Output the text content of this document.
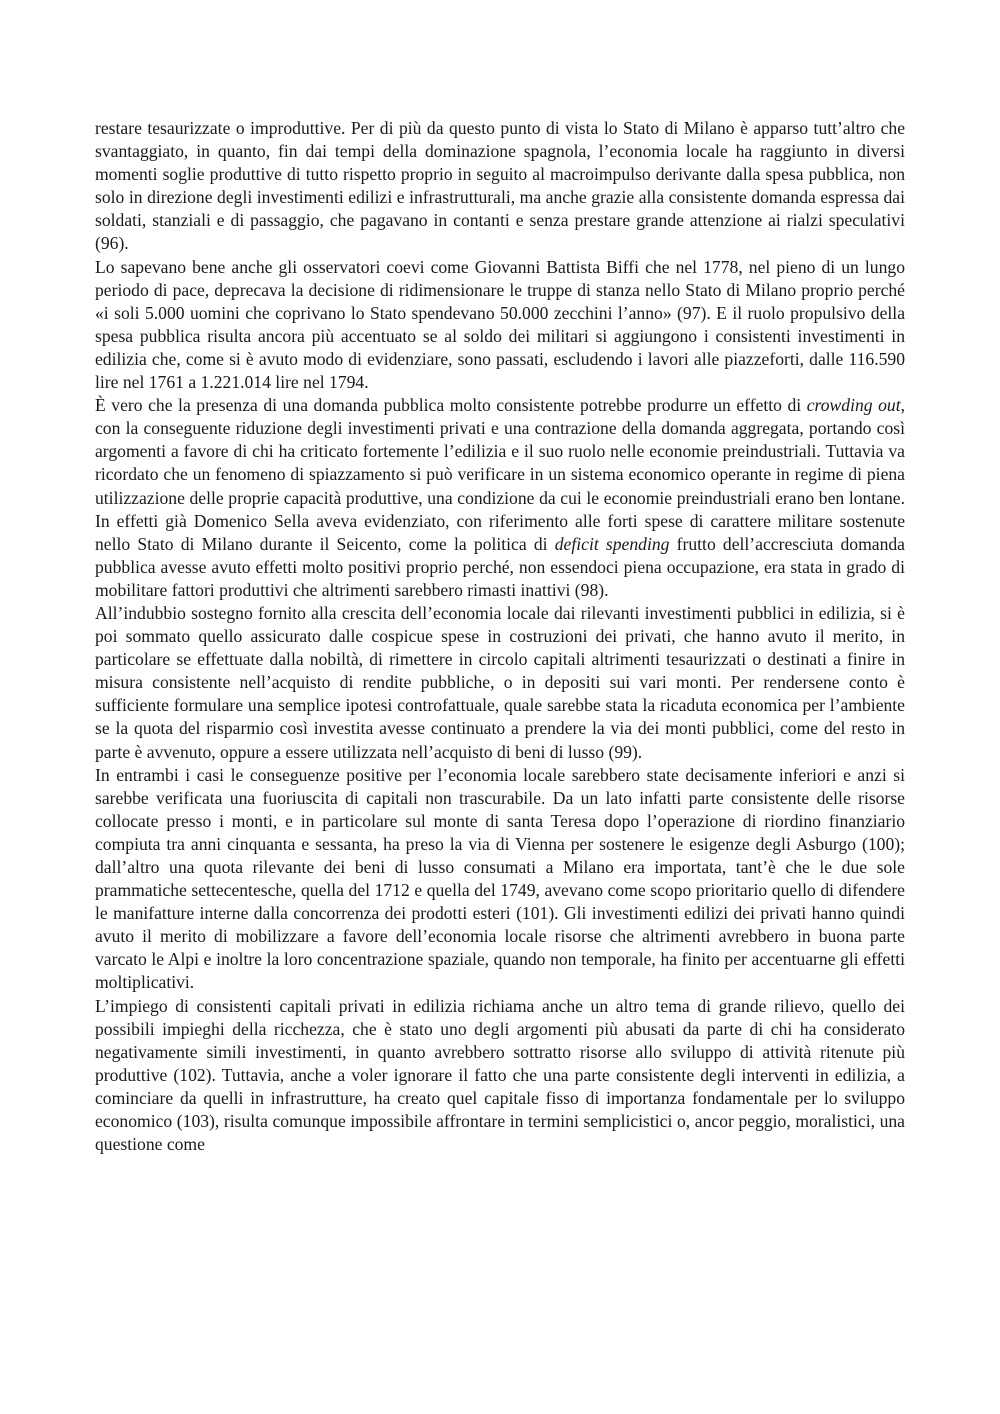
restare tesaurizzate o improduttive. Per di più da questo punto di vista lo Stato di Milano è apparso tutt’altro che svantaggiato, in quanto, fin dai tempi della dominazione spagnola, l’economia locale ha raggiunto in diversi momenti soglie produttive di tutto rispetto proprio in seguito al macroimpulso derivante dalla spesa pubblica, non solo in direzione degli investimenti edilizi e infrastrutturali, ma anche grazie alla consistente domanda espressa dai soldati, stanziali e di passaggio, che pagavano in contanti e senza prestare grande attenzione ai rialzi speculativi (96).

Lo sapevano bene anche gli osservatori coevi come Giovanni Battista Biffi che nel 1778, nel pieno di un lungo periodo di pace, deprecava la decisione di ridimensionare le truppe di stanza nello Stato di Milano proprio perché «i soli 5.000 uomini che coprivano lo Stato spendevano 50.000 zecchini l’anno» (97). E il ruolo propulsivo della spesa pubblica risulta ancora più accentuato se al soldo dei militari si aggiungono i consistenti investimenti in edilizia che, come si è avuto modo di evidenziare, sono passati, escludendo i lavori alle piazzeforti, dalle 116.590 lire nel 1761 a 1.221.014 lire nel 1794.

È vero che la presenza di una domanda pubblica molto consistente potrebbe produrre un effetto di crowding out, con la conseguente riduzione degli investimenti privati e una contrazione della domanda aggregata, portando così argomenti a favore di chi ha criticato fortemente l’edilizia e il suo ruolo nelle economie preindustriali. Tuttavia va ricordato che un fenomeno di spiazzamento si può verificare in un sistema economico operante in regime di piena utilizzazione delle proprie capacità produttive, una condizione da cui le economie preindustriali erano ben lontane. In effetti già Domenico Sella aveva evidenziato, con riferimento alle forti spese di carattere militare sostenute nello Stato di Milano durante il Seicento, come la politica di deficit spending frutto dell’accresciuta domanda pubblica avesse avuto effetti molto positivi proprio perché, non essendoci piena occupazione, era stata in grado di mobilitare fattori produttivi che altrimenti sarebbero rimasti inattivi (98).

All’indubbio sostegno fornito alla crescita dell’economia locale dai rilevanti investimenti pubblici in edilizia, si è poi sommato quello assicurato dalle cospicue spese in costruzioni dei privati, che hanno avuto il merito, in particolare se effettuate dalla nobiltà, di rimettere in circolo capitali altrimenti tesaurizzati o destinati a finire in misura consistente nell’acquisto di rendite pubbliche, o in depositi sui vari monti. Per rendersene conto è sufficiente formulare una semplice ipotesi controfattuale, quale sarebbe stata la ricaduta economica per l’ambiente se la quota del risparmio così investita avesse continuato a prendere la via dei monti pubblici, come del resto in parte è avvenuto, oppure a essere utilizzata nell’acquisto di beni di lusso (99).

In entrambi i casi le conseguenze positive per l’economia locale sarebbero state decisamente inferiori e anzi si sarebbe verificata una fuoriuscita di capitali non trascurabile. Da un lato infatti parte consistente delle risorse collocate presso i monti, e in particolare sul monte di santa Teresa dopo l’operazione di riordino finanziario compiuta tra anni cinquanta e sessanta, ha preso la via di Vienna per sostenere le esigenze degli Asburgo (100); dall’altro una quota rilevante dei beni di lusso consumati a Milano era importata, tant’è che le due sole prammatiche settecentesche, quella del 1712 e quella del 1749, avevano come scopo prioritario quello di difendere le manifatture interne dalla concorrenza dei prodotti esteri (101). Gli investimenti edilizi dei privati hanno quindi avuto il merito di mobilizzare a favore dell’economia locale risorse che altrimenti avrebbero in buona parte varcato le Alpi e inoltre la loro concentrazione spaziale, quando non temporale, ha finito per accentuarne gli effetti moltiplicativi.

L’impiego di consistenti capitali privati in edilizia richiama anche un altro tema di grande rilievo, quello dei possibili impieghi della ricchezza, che è stato uno degli argomenti più abusati da parte di chi ha considerato negativamente simili investimenti, in quanto avrebbero sottratto risorse allo sviluppo di attività ritenute più produttive (102). Tuttavia, anche a voler ignorare il fatto che una parte consistente degli interventi in edilizia, a cominciare da quelli in infrastrutture, ha creato quel capitale fisso di importanza fondamentale per lo sviluppo economico (103), risulta comunque impossibile affrontare in termini semplicistici o, ancor peggio, moralistici, una questione come
